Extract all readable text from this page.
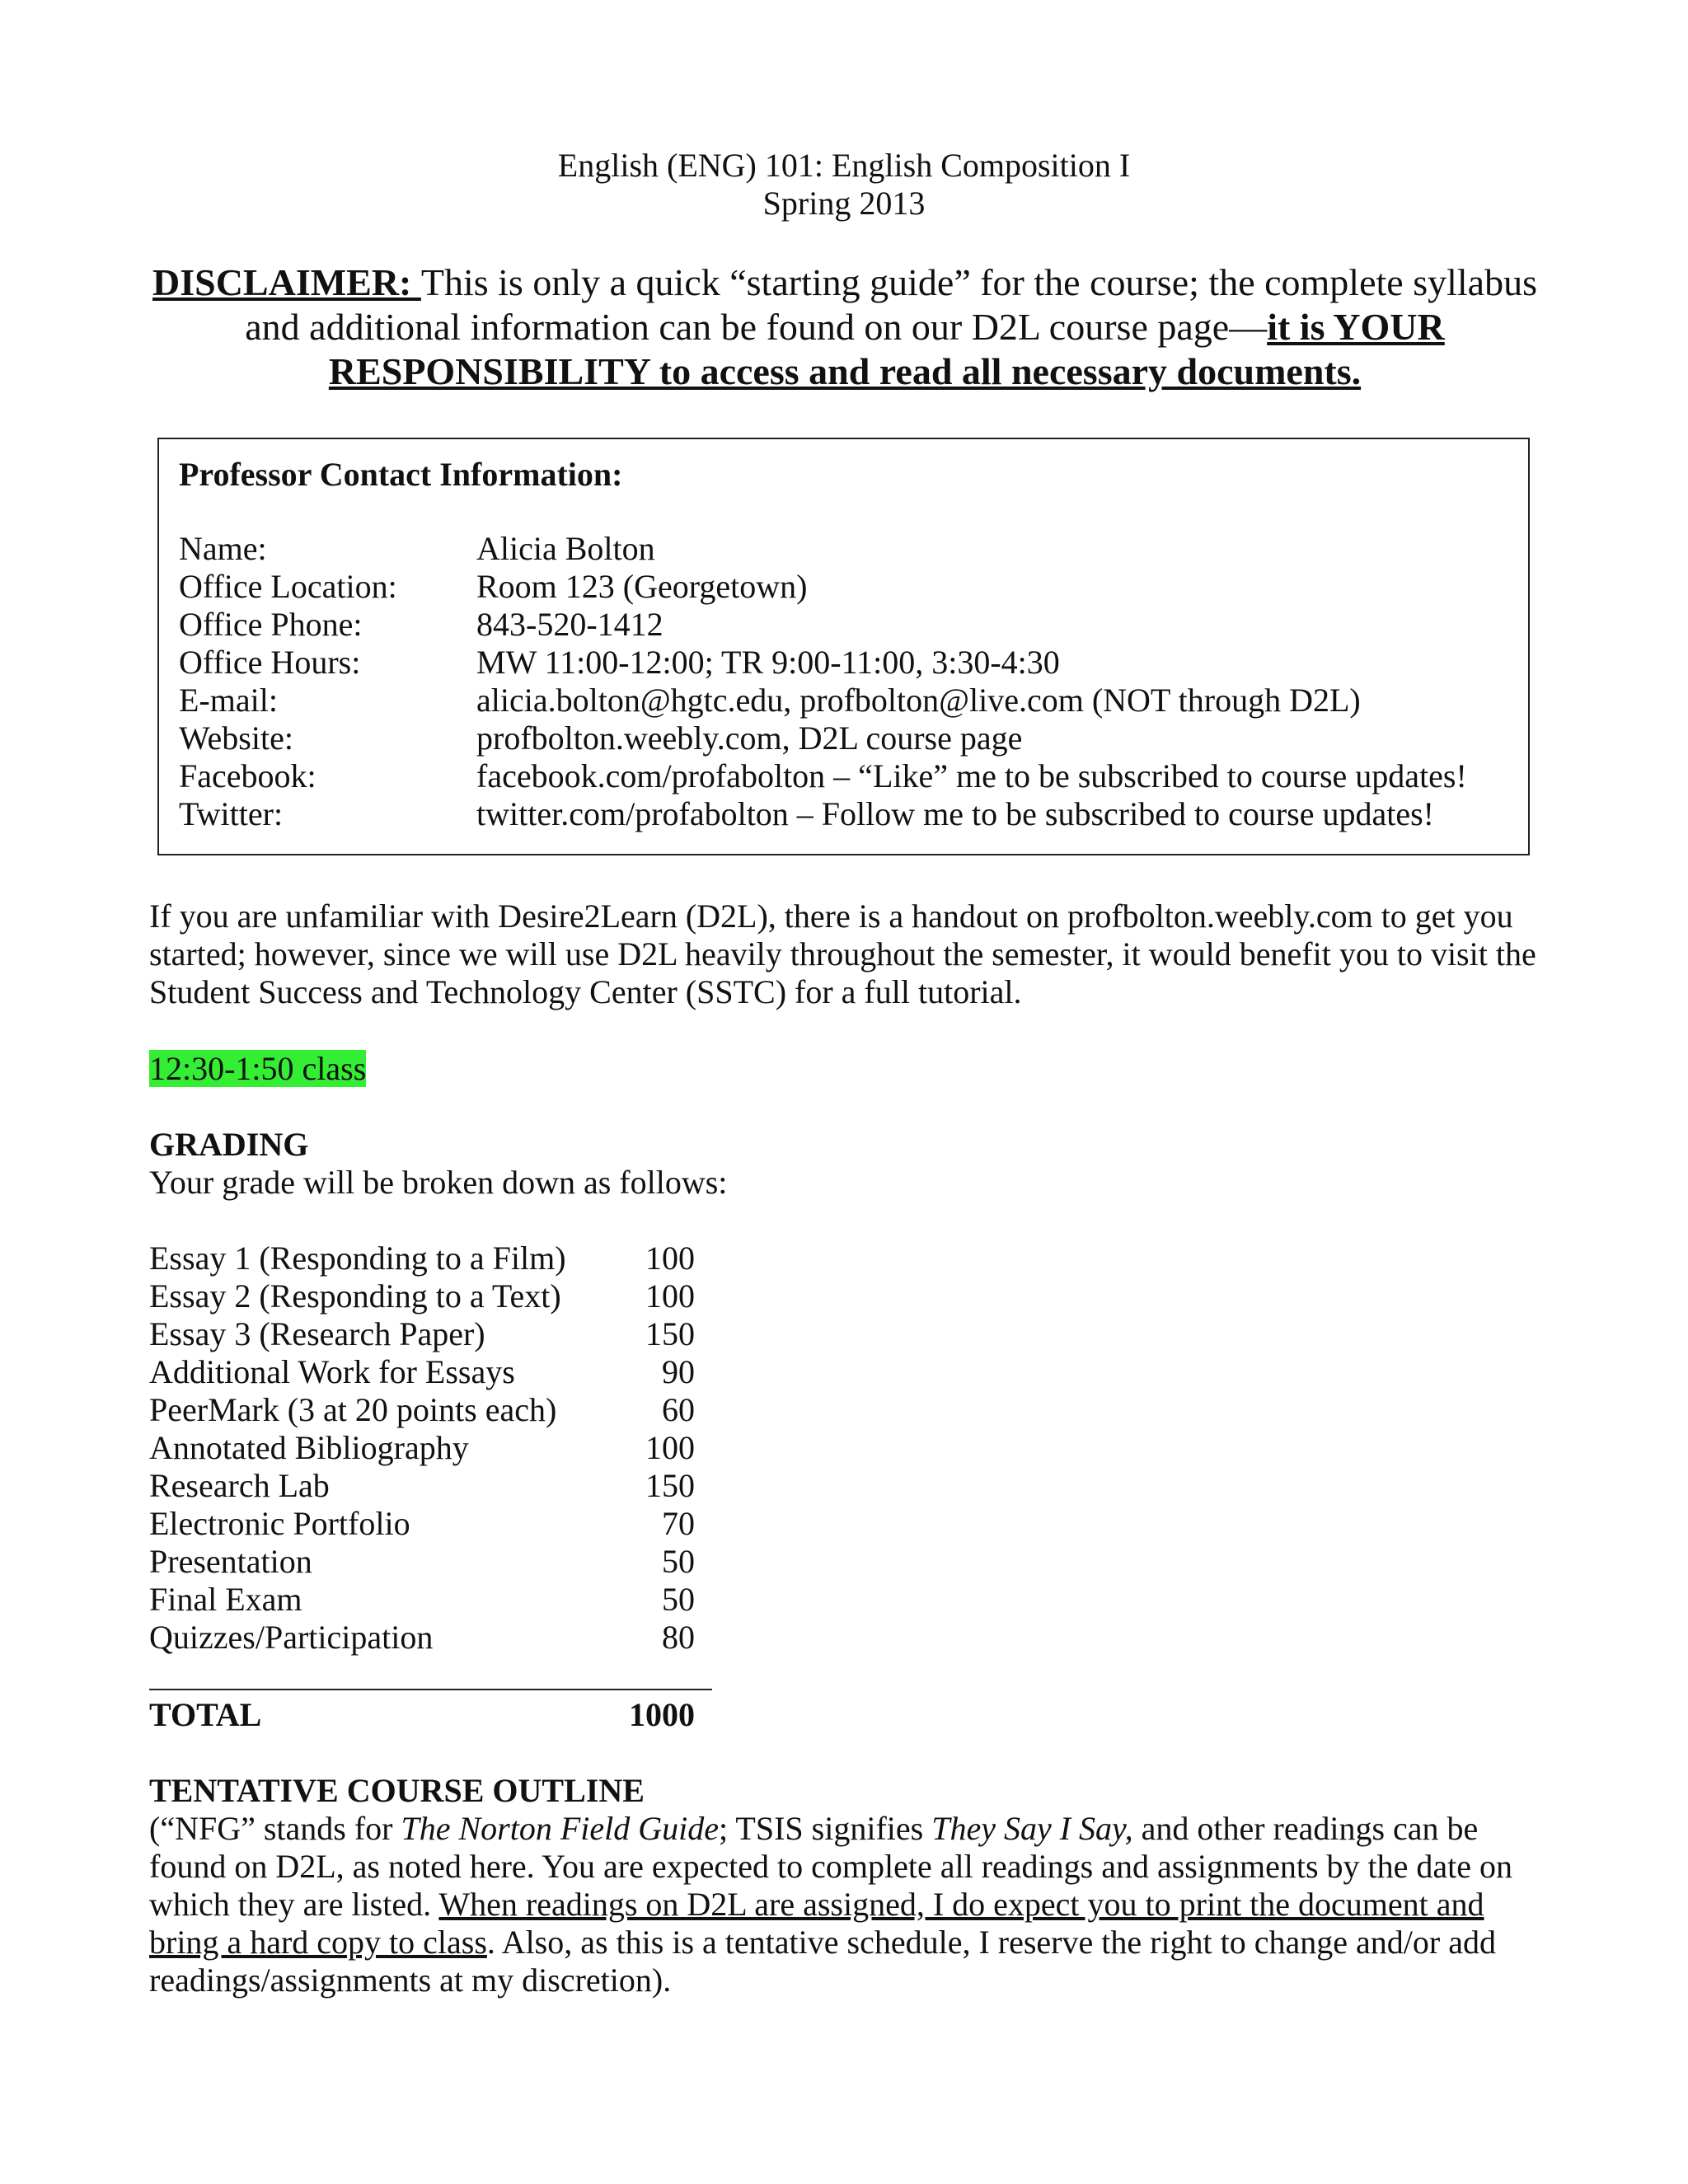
English (ENG) 101: English Composition I
Spring 2013
DISCLAIMER: This is only a quick “starting guide” for the course; the complete syllabus and additional information can be found on our D2L course page—it is YOUR RESPONSIBILITY to access and read all necessary documents.
Professor Contact Information:
Name:	Alicia Bolton
Office Location:	Room 123 (Georgetown)
Office Phone:	843-520-1412
Office Hours:	MW 11:00-12:00; TR 9:00-11:00, 3:30-4:30
E-mail:	alicia.bolton@hgtc.edu, profbolton@live.com (NOT through D2L)
Website:	profbolton.weebly.com, D2L course page
Facebook:	facebook.com/profabolton – “Like” me to be subscribed to course updates!
Twitter:	twitter.com/profabolton – Follow me to be subscribed to course updates!
If you are unfamiliar with Desire2Learn (D2L), there is a handout on profbolton.weebly.com to get you started; however, since we will use D2L heavily throughout the semester, it would benefit you to visit the Student Success and Technology Center (SSTC) for a full tutorial.
12:30-1:50 class
GRADING
Your grade will be broken down as follows:
Essay 1 (Responding to a Film)	100
Essay 2 (Responding to a Text)	100
Essay 3 (Research Paper)	150
Additional Work for Essays	90
PeerMark (3 at 20 points each)	60
Annotated Bibliography	100
Research Lab	150
Electronic Portfolio	70
Presentation	50
Final Exam	50
Quizzes/Participation	80
TOTAL	1000
TENTATIVE COURSE OUTLINE
(“NFG” stands for The Norton Field Guide; TSIS signifies They Say I Say, and other readings can be found on D2L, as noted here. You are expected to complete all readings and assignments by the date on which they are listed. When readings on D2L are assigned, I do expect you to print the document and bring a hard copy to class. Also, as this is a tentative schedule, I reserve the right to change and/or add readings/assignments at my discretion).
